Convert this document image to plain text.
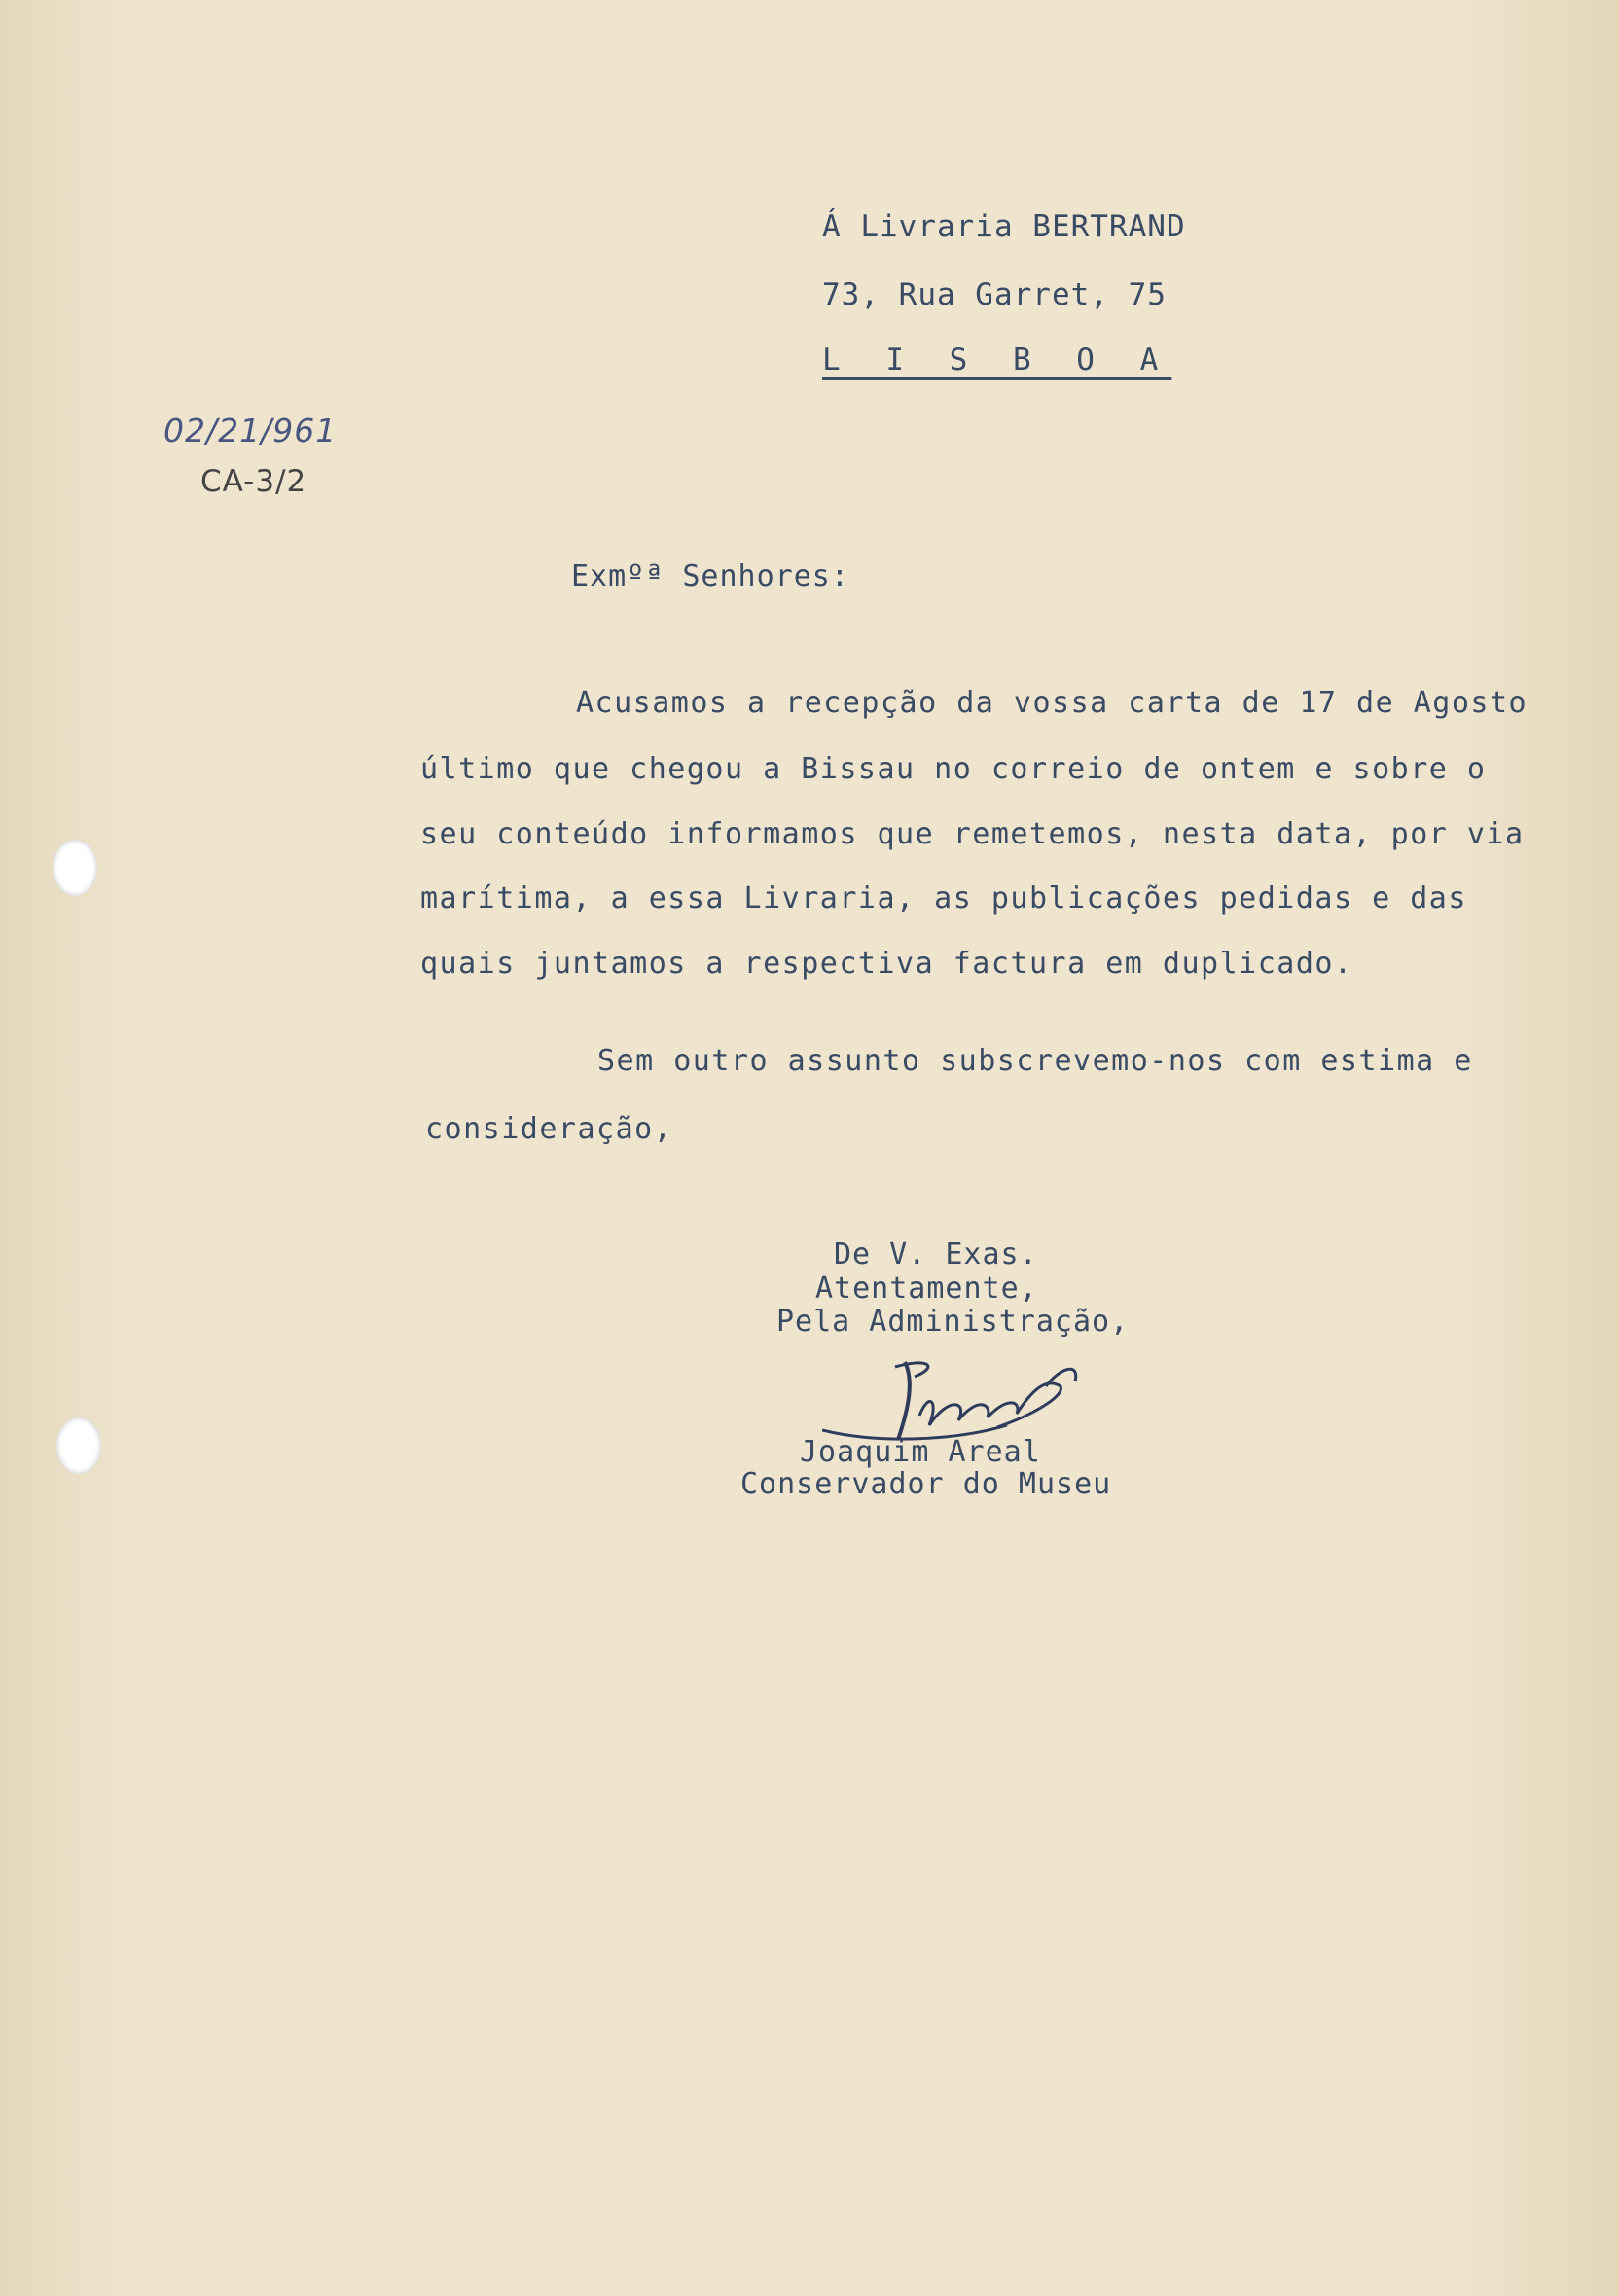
Á Livraria BERTRAND
73, Rua Garret, 75
L I S B O A
02/21/961
CA-3/2
Exmºª Senhores:
Acusamos a recepção da vossa carta de 17 de Agosto
último que chegou a Bissau no correio de ontem e sobre o
seu conteúdo informamos que remetemos, nesta data, por via
marítima, a essa Livraria, as publicações pedidas e das
quais juntamos a respectiva factura em duplicado.
Sem outro assunto subscrevemo-nos com estima e
consideração,
De V. Exas.
Atentamente,
Pela Administração,
Joaquim Areal
Conservador do Museu
